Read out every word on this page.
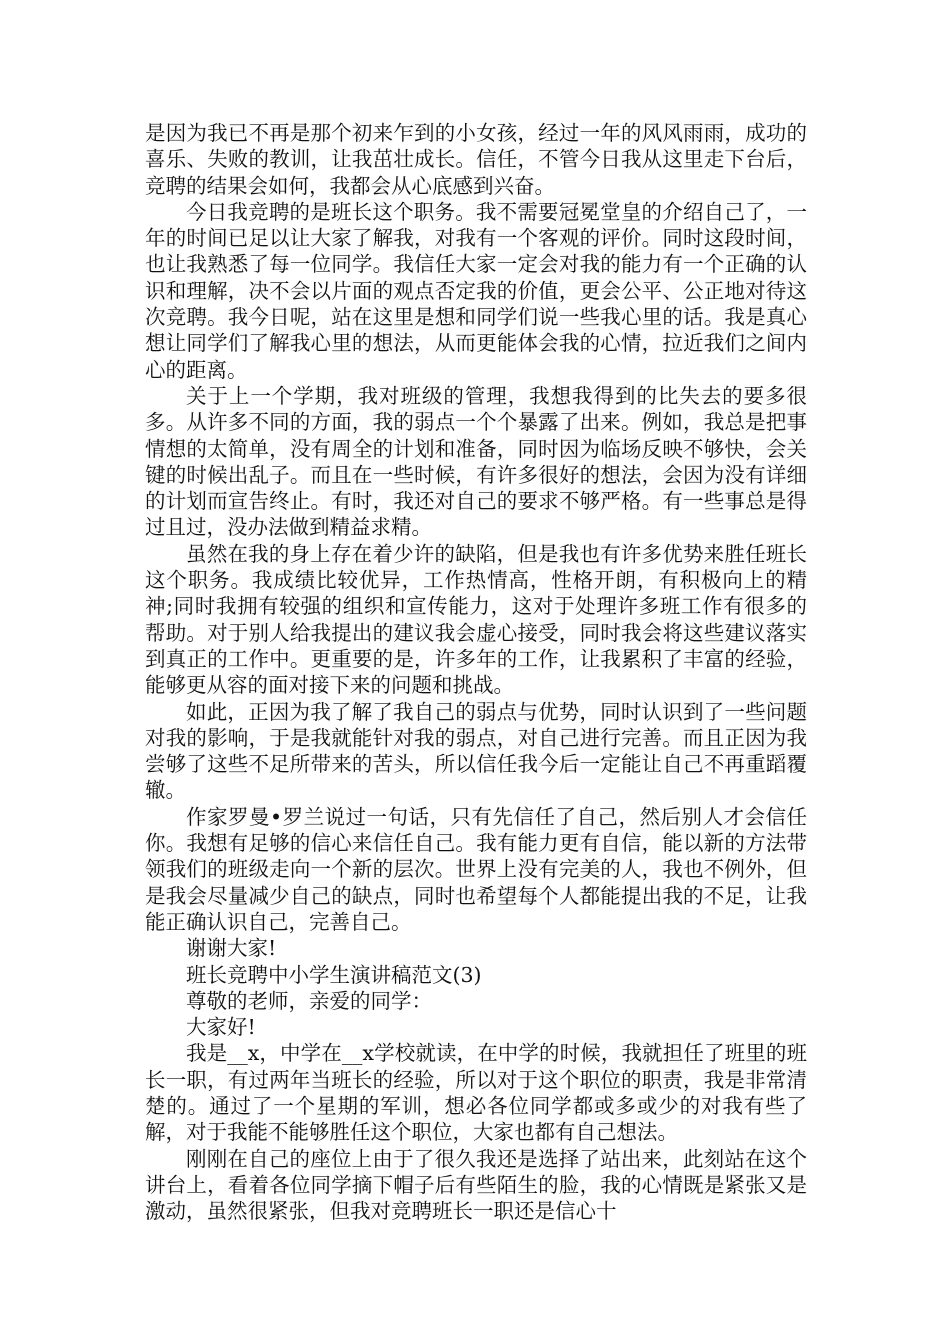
是因为我已不再是那个初来乍到的小女孩，经过一年的风风雨雨，成功的喜乐、失败的教训，让我茁壮成长。信任，不管今日我从这里走下台后，竞聘的结果会如何，我都会从心底感到兴奋。

今日我竞聘的是班长这个职务。我不需要冠冕堂皇的介绍自己了，一年的时间已足以让大家了解我，对我有一个客观的评价。同时这段时间，也让我熟悉了每一位同学。我信任大家一定会对我的能力有一个正确的认识和理解，决不会以片面的观点否定我的价值，更会公平、公正地对待这次竞聘。我今日呢，站在这里是想和同学们说一些我心里的话。我是真心想让同学们了解我心里的想法，从而更能体会我的心情，拉近我们之间内心的距离。

关于上一个学期，我对班级的管理，我想我得到的比失去的要多很多。从许多不同的方面，我的弱点一个个暴露了出来。例如，我总是把事情想的太简单，没有周全的计划和准备，同时因为临场反映不够快，会关键的时候出乱子。而且在一些时候，有许多很好的想法，会因为没有详细的计划而宣告终止。有时，我还对自己的要求不够严格。有一些事总是得过且过，没办法做到精益求精。

虽然在我的身上存在着少许的缺陷，但是我也有许多优势来胜任班长这个职务。我成绩比较优异，工作热情高，性格开朗，有积极向上的精神;同时我拥有较强的组织和宣传能力，这对于处理许多班工作有很多的帮助。对于别人给我提出的建议我会虚心接受，同时我会将这些建议落实到真正的工作中。更重要的是，许多年的工作，让我累积了丰富的经验，能够更从容的面对接下来的问题和挑战。

如此，正因为我了解了我自己的弱点与优势，同时认识到了一些问题对我的影响，于是我就能针对我的弱点，对自己进行完善。而且正因为我尝够了这些不足所带来的苦头，所以信任我今后一定能让自己不再重蹈覆辙。

作家罗曼•罗兰说过一句话，只有先信任了自己，然后别人才会信任你。我想有足够的信心来信任自己。我有能力更有自信，能以新的方法带领我们的班级走向一个新的层次。世界上没有完美的人，我也不例外，但是我会尽量减少自己的缺点，同时也希望每个人都能提出我的不足，让我能正确认识自己，完善自己。

谢谢大家!

班长竞聘中小学生演讲稿范文(3)

尊敬的老师，亲爱的同学：

大家好!

我是__x，中学在__x学校就读，在中学的时候，我就担任了班里的班长一职，有过两年当班长的经验，所以对于这个职位的职责，我是非常清楚的。通过了一个星期的军训，想必各位同学都或多或少的对我有些了解，对于我能不能够胜任这个职位，大家也都有自己想法。

刚刚在自己的座位上由于了很久我还是选择了站出来，此刻站在这个讲台上，看着各位同学摘下帽子后有些陌生的脸，我的心情既是紧张又是激动，虽然很紧张，但我对竞聘班长一职还是信心十
